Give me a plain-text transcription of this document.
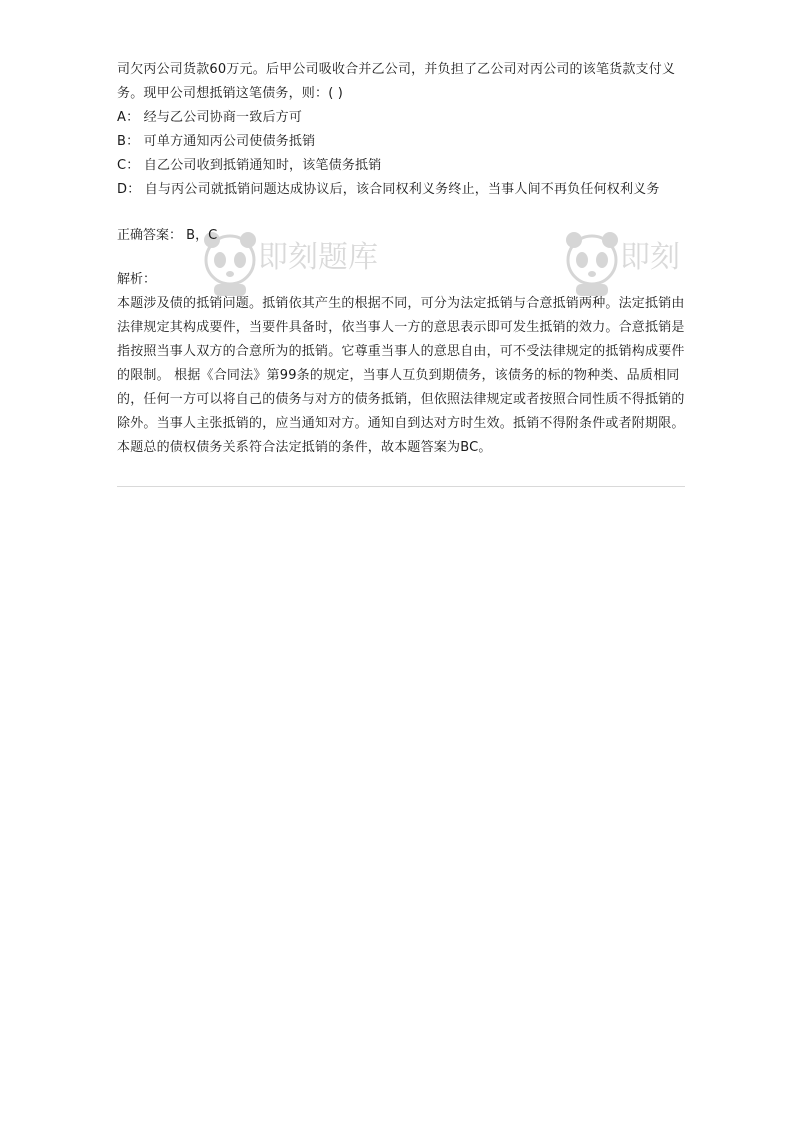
即刻题库	即刻

司欠丙公司货款60万元。后甲公司吸收合并乙公司，并负担了乙公司对丙公司的该笔货款支付义务。现甲公司想抵销这笔债务，则：( )

A： 经与乙公司协商一致后方可

B： 可单方通知丙公司使债务抵销

C： 自乙公司收到抵销通知时，该笔债务抵销

D： 自与丙公司就抵销问题达成协议后，该合同权利义务终止，当事人间不再负任何权利义务

正确答案： B，C
解析：

本题涉及债的抵销问题。抵销依其产生的根据不同，可分为法定抵销与合意抵销两种。法定抵销由法律规定其构成要件，当要件具备时，依当事人一方的意思表示即可发生抵销的效力。合意抵销是指按照当事人双方的合意所为的抵销。它尊重当事人的意思自由，可不受法律规定的抵销构成要件的限制。 根据《合同法》第99条的规定，当事人互负到期债务，该债务的标的物种类、品质相同的，任何一方可以将自己的债务与对方的债务抵销，但依照法律规定或者按照合同性质不得抵销的除外。当事人主张抵销的，应当通知对方。通知自到达对方时生效。抵销不得附条件或者附期限。本题总的债权债务关系符合法定抵销的条件，故本题答案为BC。
